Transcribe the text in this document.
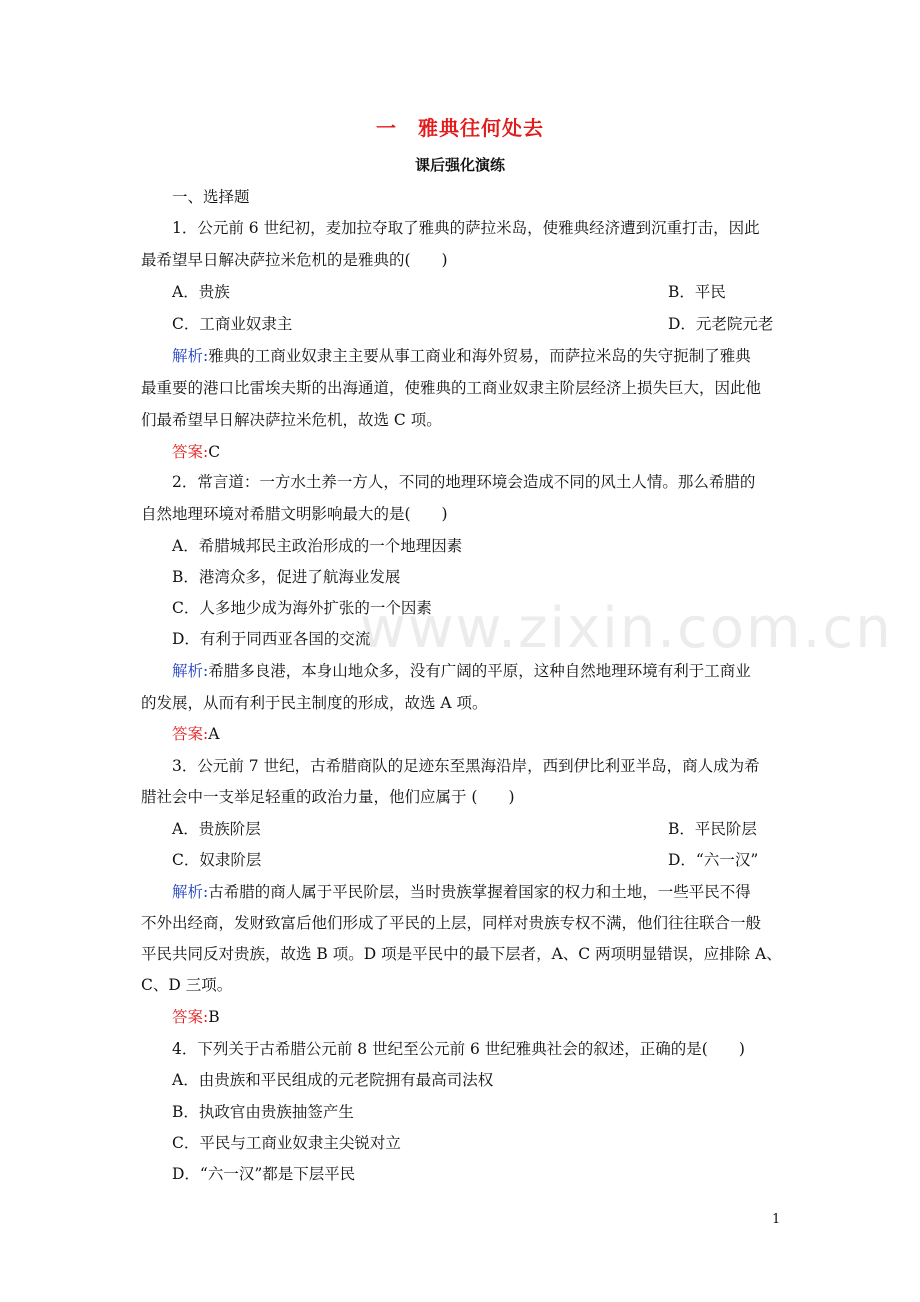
一　雅典往何处去
课后强化演练
一、选择题
1．公元前 6 世纪初，麦加拉夺取了雅典的萨拉米岛，使雅典经济遭到沉重打击，因此
最希望早日解决萨拉米危机的是雅典的(　　)
A．贵族	B．平民
C．工商业奴隶主	D．元老院元老
解析:雅典的工商业奴隶主主要从事工商业和海外贸易，而萨拉米岛的失守扼制了雅典
最重要的港口比雷埃夫斯的出海通道，使雅典的工商业奴隶主阶层经济上损失巨大，因此他
们最希望早日解决萨拉米危机，故选 C 项。
答案:C
2．常言道：一方水土养一方人，不同的地理环境会造成不同的风土人情。那么希腊的
自然地理环境对希腊文明影响最大的是(　　)
A．希腊城邦民主政治形成的一个地理因素
B．港湾众多，促进了航海业发展
C．人多地少成为海外扩张的一个因素
D．有利于同西亚各国的交流
解析:希腊多良港，本身山地众多，没有广阔的平原，这种自然地理环境有利于工商业
的发展，从而有利于民主制度的形成，故选 A 项。
答案:A
3．公元前 7 世纪，古希腊商队的足迹东至黑海沿岸，西到伊比利亚半岛，商人成为希
腊社会中一支举足轻重的政治力量，他们应属于 (　　)
A．贵族阶层	B．平民阶层
C．奴隶阶层	D．“六一汉”
解析:古希腊的商人属于平民阶层，当时贵族掌握着国家的权力和土地，一些平民不得
不外出经商，发财致富后他们形成了平民的上层，同样对贵族专权不满，他们往往联合一般
平民共同反对贵族，故选 B 项。D 项是平民中的最下层者，A、C 两项明显错误，应排除 A、
C、D 三项。
答案:B
4．下列关于古希腊公元前 8 世纪至公元前 6 世纪雅典社会的叙述，正确的是(　　)
A．由贵族和平民组成的元老院拥有最高司法权
B．执政官由贵族抽签产生
C．平民与工商业奴隶主尖锐对立
D．“六一汉”都是下层平民
www.zixin.com.cn
1
